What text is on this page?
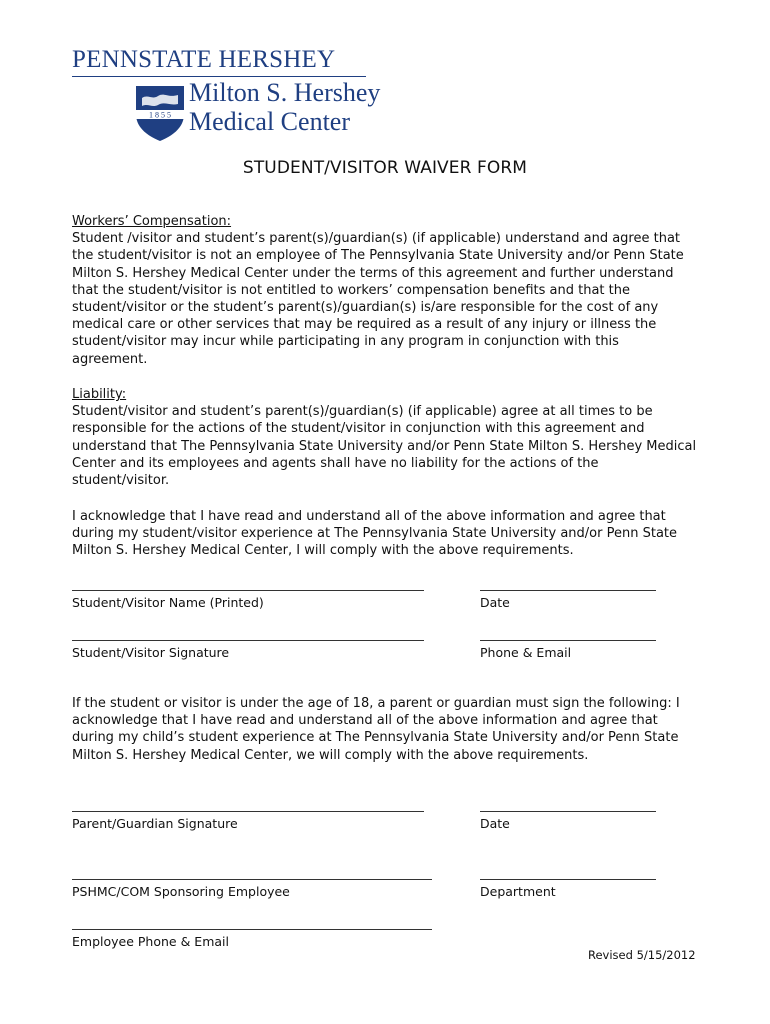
PENNSTATE HERSHEY
1 8 5 5
Milton S. Hershey
Medical Center
STUDENT/VISITOR WAIVER FORM

Workers’ Compensation:

Student /visitor and student’s parent(s)/guardian(s) (if applicable) understand and agree that the student/visitor is not an employee of The Pennsylvania State University and/or Penn State Milton S. Hershey Medical Center under the terms of this agreement and further understand that the student/visitor is not entitled to workers’ compensation benefits and that the student/visitor or the student’s parent(s)/guardian(s) is/are responsible for the cost of any medical care or other services that may be required as a result of any injury or illness the student/visitor may incur while participating in any program in conjunction with this agreement.

Liability:

Student/visitor and student’s parent(s)/guardian(s) (if applicable) agree at all times to be responsible for the actions of the student/visitor in conjunction with this agreement and understand that The Pennsylvania State University and/or Penn State Milton S. Hershey Medical Center and its employees and agents shall have no liability for the actions of the student/visitor.

I acknowledge that I have read and understand all of the above information and agree that during my student/visitor experience at The Pennsylvania State University and/or Penn State Milton S. Hershey Medical Center, I will comply with the above requirements.

Student/Visitor Name (Printed)	Date
Student/Visitor Signature	Phone & Email

If the student or visitor is under the age of 18, a parent or guardian must sign the following: I acknowledge that I have read and understand all of the above information and agree that during my child’s student experience at The Pennsylvania State University and/or Penn State Milton S. Hershey Medical Center, we will comply with the above requirements.

Parent/Guardian Signature	Date
PSHMC/COM Sponsoring Employee	Department
Employee Phone & Email
Revised 5/15/2012
